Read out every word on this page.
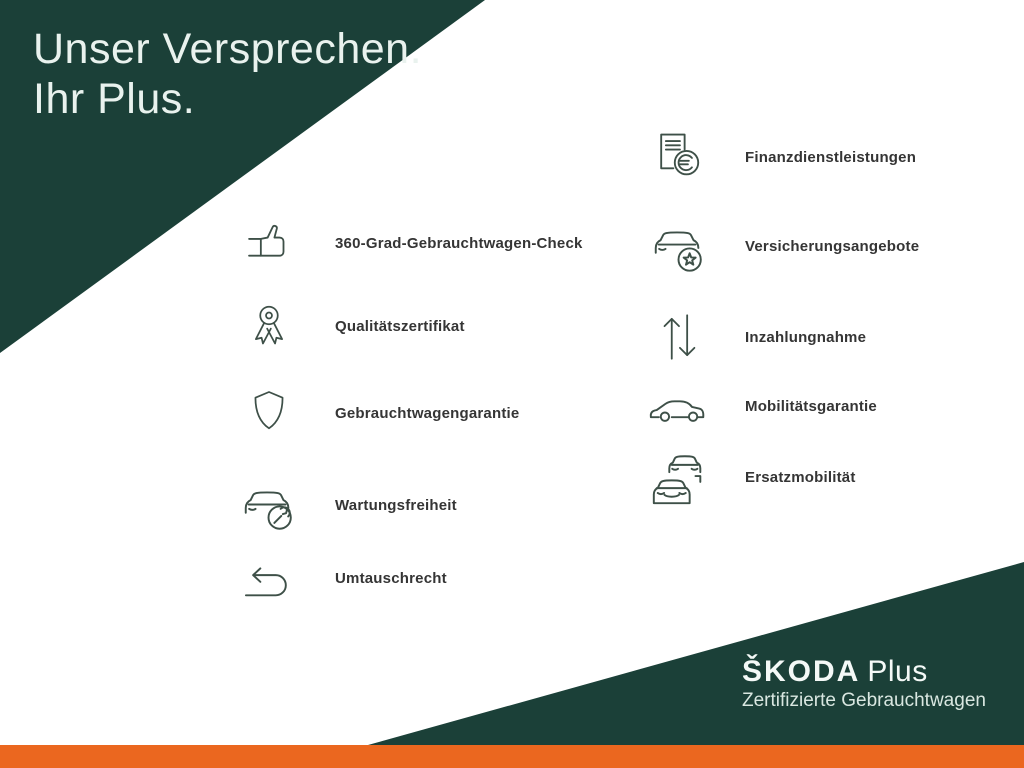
Unser Versprechen.
Ihr Plus.
360-Grad-Gebrauchtwagen-Check
Qualitätszertifikat
Gebrauchtwagengarantie
Wartungsfreiheit
Umtauschrecht
Finanzdienstleistungen
Versicherungsangebote
Inzahlungnahme
Mobilitätsgarantie
Ersatzmobilität
ŠKODA Plus
Zertifizierte Gebrauchtwagen
